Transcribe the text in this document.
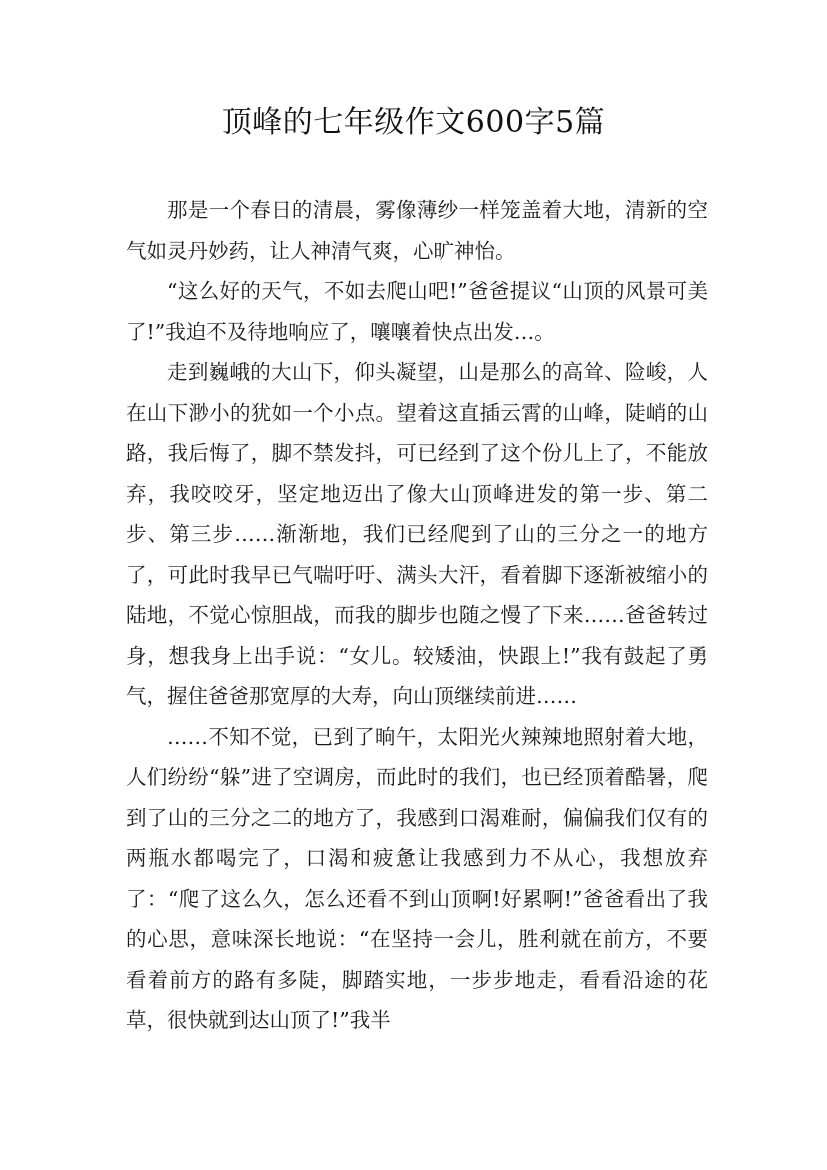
顶峰的七年级作文600字5篇

那是一个春日的清晨，雾像薄纱一样笼盖着大地，清新的空气如灵丹妙药，让人神清气爽，心旷神怡。

“这么好的天气，不如去爬山吧!”爸爸提议“山顶的风景可美了!”我迫不及待地响应了，嚷嚷着快点出发…。

走到巍峨的大山下，仰头凝望，山是那么的高耸、险峻，人在山下渺小的犹如一个小点。望着这直插云霄的山峰，陡峭的山路，我后悔了，脚不禁发抖，可已经到了这个份儿上了，不能放弃，我咬咬牙，坚定地迈出了像大山顶峰进发的第一步、第二步、第三步……渐渐地，我们已经爬到了山的三分之一的地方了，可此时我早已气喘吁吁、满头大汗，看着脚下逐渐被缩小的陆地，不觉心惊胆战，而我的脚步也随之慢了下来……爸爸转过身，想我身上出手说：“女儿。较矮油，快跟上!”我有鼓起了勇气，握住爸爸那宽厚的大寿，向山顶继续前进……

……不知不觉，已到了晌午，太阳光火辣辣地照射着大地，人们纷纷“躲”进了空调房，而此时的我们，也已经顶着酷暑，爬到了山的三分之二的地方了，我感到口渴难耐，偏偏我们仅有的两瓶水都喝完了，口渴和疲惫让我感到力不从心，我想放弃了：“爬了这么久，怎么还看不到山顶啊!好累啊!”爸爸看出了我的心思，意味深长地说：“在坚持一会儿，胜利就在前方，不要看着前方的路有多陡，脚踏实地，一步步地走，看看沿途的花草，很快就到达山顶了!”我半
